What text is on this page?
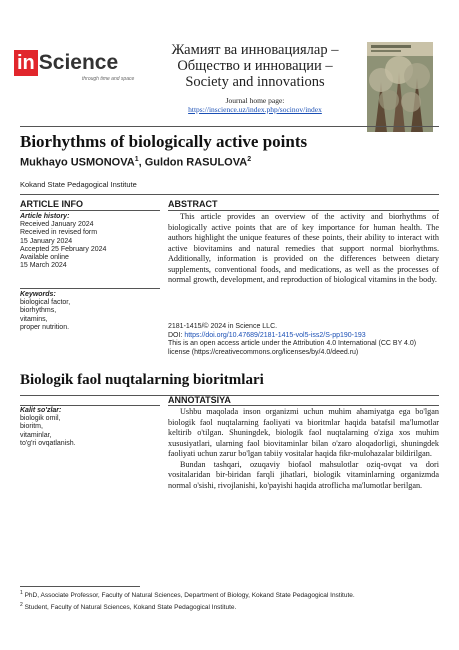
in Science
through time and space
Жамият ва инновациялар –
Общество и инновации –
Society and innovations
Journal home page:
https://inscience.uz/index.php/socinov/index
Biorhythms of biologically active points
Mukhayo USMONOVA$^1$, Guldon RASULOVA$^2$
Kokand State Pedagogical Institute
ARTICLE INFO
Article history:
Received January 2024
Received in revised form
15 January 2024
Accepted 25 February 2024
Available online
15 March 2024
Keywords:
biological factor,
biorhythms,
vitamins,
proper nutrition.
ABSTRACT
This article provides an overview of the activity and biorhythms of biologically active points that are of key importance for human health. The authors highlight the unique features of these points, their ability to interact with active biovitamins and natural remedies that support normal biorhythms. Additionally, information is provided on the differences between dietary supplements, conventional foods, and medications, as well as the processes of normal growth, development, and reproduction of biological vitamins in the body.
2181-1415/© 2024 in Science LLC.
DOI: https://doi.org/10.47689/2181-1415-vol5-iss2/S-pp190-193
This is an open access article under the Attribution 4.0 International (CC BY 4.0) license (https://creativecommons.org/licenses/by/4.0/deed.ru)
Biologik faol nuqtalarning bioritmlari
Kalit so'zlar:
biologik omil,
bioritm,
vitaminlar,
to'g'ri ovqatlanish.
ANNOTATSIYA
Ushbu maqolada inson organizmi uchun muhim ahamiyatga ega bo'lgan biologik faol nuqtalarning faoliyati va bioritmlar haqida batafsil ma'lumotlar keltirib o'tilgan. Shuningdek, biologik faol nuqtalarning o'ziga xos muhim xususiyatlari, ularning faol biovitaminlar bilan o'zaro aloqadorligi, shuningdek faoliyati uchun zarur bo'lgan tabiiy vositalar haqida fikr-mulohazalar bildirilgan.
Bundan tashqari, ozuqaviy biofaol mahsulotlar oziq-ovqat va dori vositalaridan bir-biridan farqli jihatlari, biologik vitaminlarning organizmda normal o'sishi, rivojlanishi, ko'payishi haqida atroflicha ma'lumotlar berilgan.
$^1$ PhD, Associate Professor, Faculty of Natural Sciences, Department of Biology, Kokand State Pedagogical Institute.
$^2$ Student, Faculty of Natural Sciences, Kokand State Pedagogical Institute.
